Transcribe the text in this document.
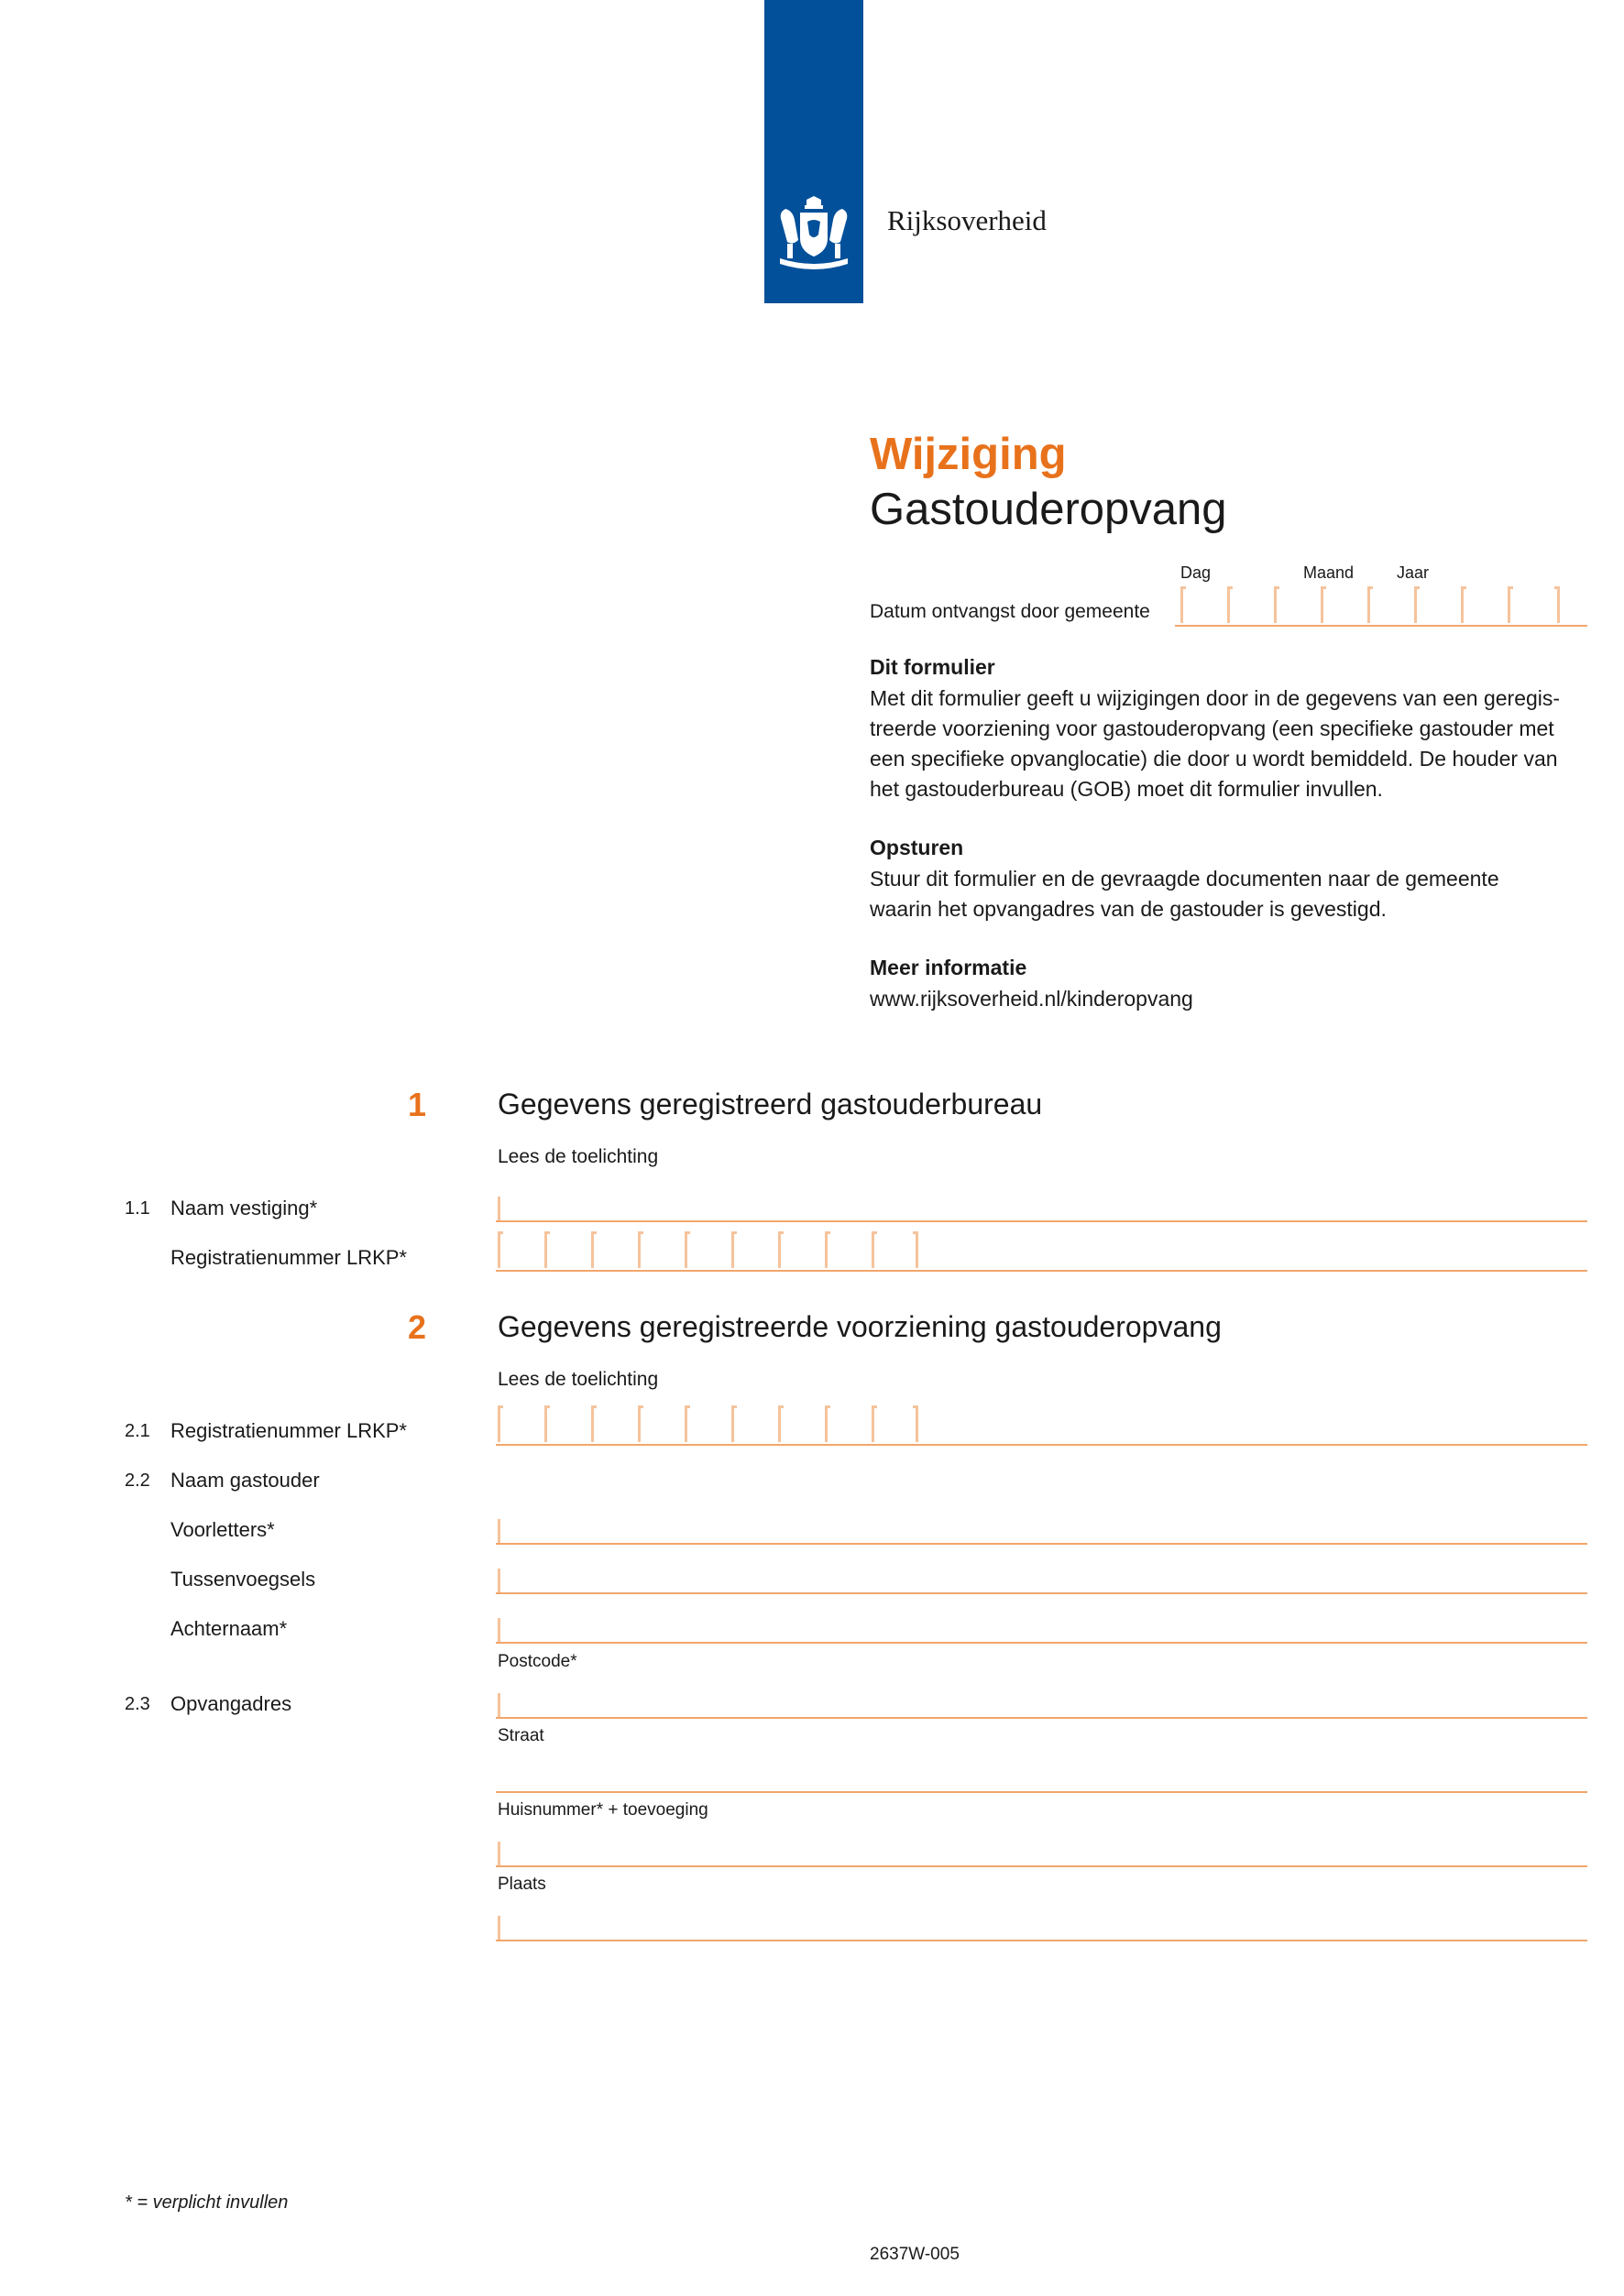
Rijksoverheid
Wijziging
Gastouderopvang
Dag	Maand	Jaar
Datum ontvangst door gemeente
Dit formulier
Met dit formulier geeft u wijzigingen door in de gegevens van een geregis-
treerde voorziening voor gastouderopvang (een specifieke gastouder met
een specifieke opvanglocatie) die door u wordt bemiddeld. De houder van
het gastouderbureau (GOB) moet dit formulier invullen.
Opsturen
Stuur dit formulier en de gevraagde documenten naar de gemeente
waarin het opvangadres van de gastouder is gevestigd.
Meer informatie
www.rijksoverheid.nl/kinderopvang
1 Gegevens geregistreerd gastouderbureau
Lees de toelichting
1.1 Naam vestiging*
Registratienummer LRKP*
2 Gegevens geregistreerde voorziening gastouderopvang
Lees de toelichting
2.1 Registratienummer LRKP*
2.2 Naam gastouder
Voorletters*
Tussenvoegsels
Achternaam*
Postcode*
2.3 Opvangadres
Straat
Huisnummer* + toevoeging
Plaats
* = verplicht invullen
2637W-005
